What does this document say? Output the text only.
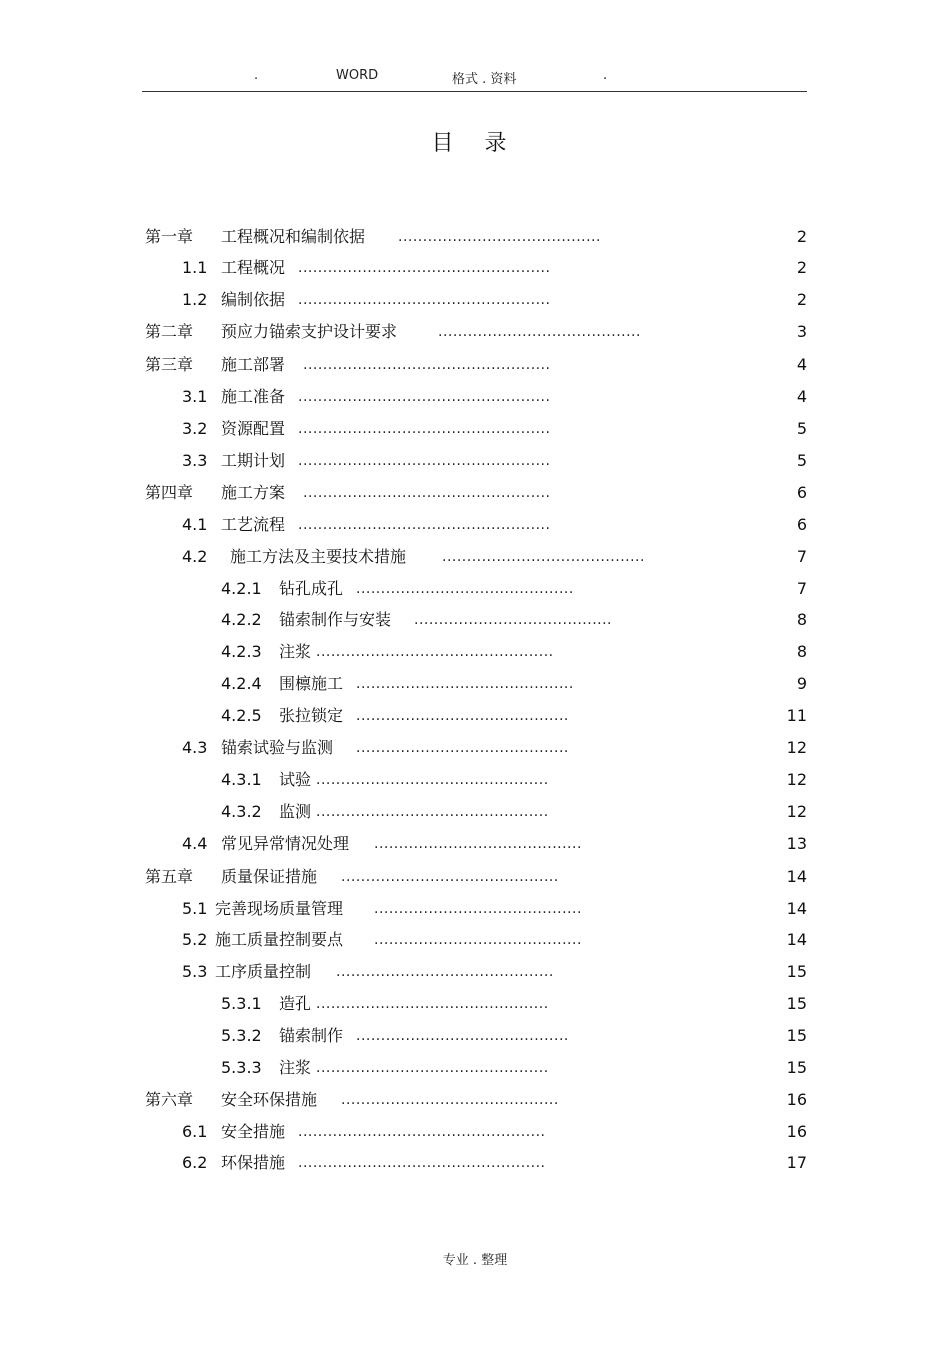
.	WORD	格式 . 资料	.
目 录
第一章 工程概况和编制依据 .........................................	2
1.1 工程概况 ...................................................	2
1.2 编制依据 ...................................................	2
第二章 预应力锚索支护设计要求	.........................................	3
第三章 施工部署 ..................................................	4
3.1 施工准备 ...................................................	4
3.2 资源配置 ...................................................	5
3.3 工期计划 ...................................................	5
第四章 施工方案 ..................................................	6
4.1 工艺流程 ...................................................	6
4.2 施工方法及主要技术措施	.........................................	7
4.2.1 钻孔成孔 ............................................	7
4.2.2 锚索制作与安装 ........................................	8
4.2.3 注浆 ................................................	8
4.2.4 围檩施工 ............................................	9
4.2.5 张拉锁定 ...........................................	11
4.3 锚索试验与监测 ...........................................	12
4.3.1 试验 ...............................................	12
4.3.2 监测 ...............................................	12
4.4 常见异常情况处理 ..........................................	13
第五章 质量保证措施 ............................................	14
5.1 完善现场质量管理 ..........................................	14
5.2 施工质量控制要点 ..........................................	14
5.3 工序质量控制 ............................................	15
5.3.1 造孔 ...............................................	15
5.3.2 锚索制作 ...........................................	15
5.3.3 注浆 ...............................................	15
第六章 安全环保措施 ............................................	16
6.1 安全措施 ..................................................	16
6.2 环保措施 ..................................................	17
专业 . 整理
